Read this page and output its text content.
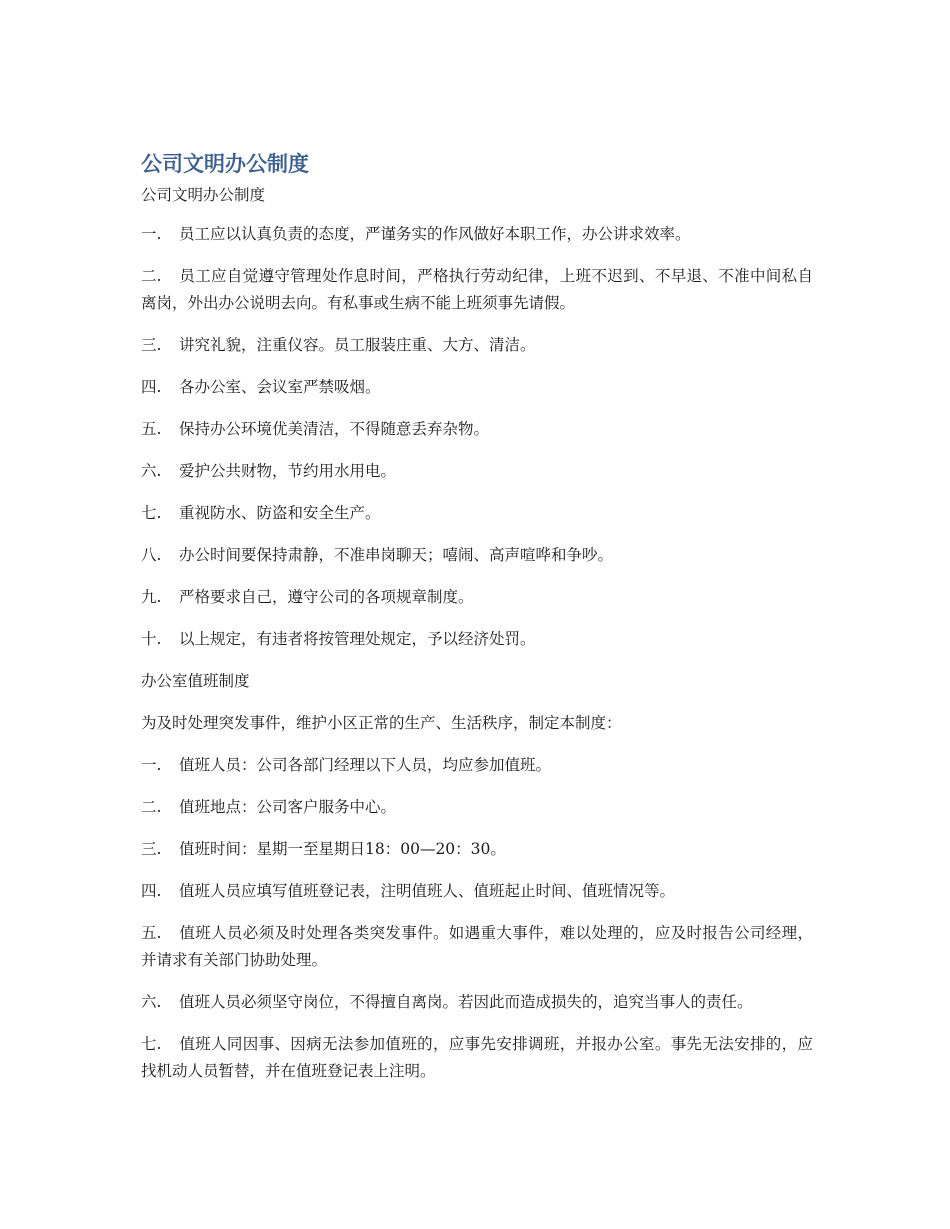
公司文明办公制度
公司文明办公制度

一. 员工应以认真负责的态度，严谨务实的作风做好本职工作，办公讲求效率。

二. 员工应自觉遵守管理处作息时间，严格执行劳动纪律，上班不迟到、不早退、不准中间私自离岗，外出办公说明去向。有私事或生病不能上班须事先请假。

三. 讲究礼貌，注重仪容。员工服装庄重、大方、清洁。

四. 各办公室、会议室严禁吸烟。

五. 保持办公环境优美清洁，不得随意丢弃杂物。

六. 爱护公共财物，节约用水用电。

七. 重视防水、防盗和安全生产。

八. 办公时间要保持肃静，不准串岗聊天；嘻闹、高声喧哗和争吵。

九. 严格要求自己，遵守公司的各项规章制度。

十. 以上规定，有违者将按管理处规定，予以经济处罚。

办公室值班制度

为及时处理突发事件，维护小区正常的生产、生活秩序，制定本制度：

一. 值班人员：公司各部门经理以下人员，均应参加值班。

二. 值班地点：公司客户服务中心。

三. 值班时间：星期一至星期日18：00—20：30。

四. 值班人员应填写值班登记表，注明值班人、值班起止时间、值班情况等。

五. 值班人员必须及时处理各类突发事件。如遇重大事件，难以处理的，应及时报告公司经理，并请求有关部门协助处理。

六. 值班人员必须坚守岗位，不得擅自离岗。若因此而造成损失的，追究当事人的责任。

七. 值班人同因事、因病无法参加值班的，应事先安排调班，并报办公室。事先无法安排的，应找机动人员暂替，并在值班登记表上注明。
